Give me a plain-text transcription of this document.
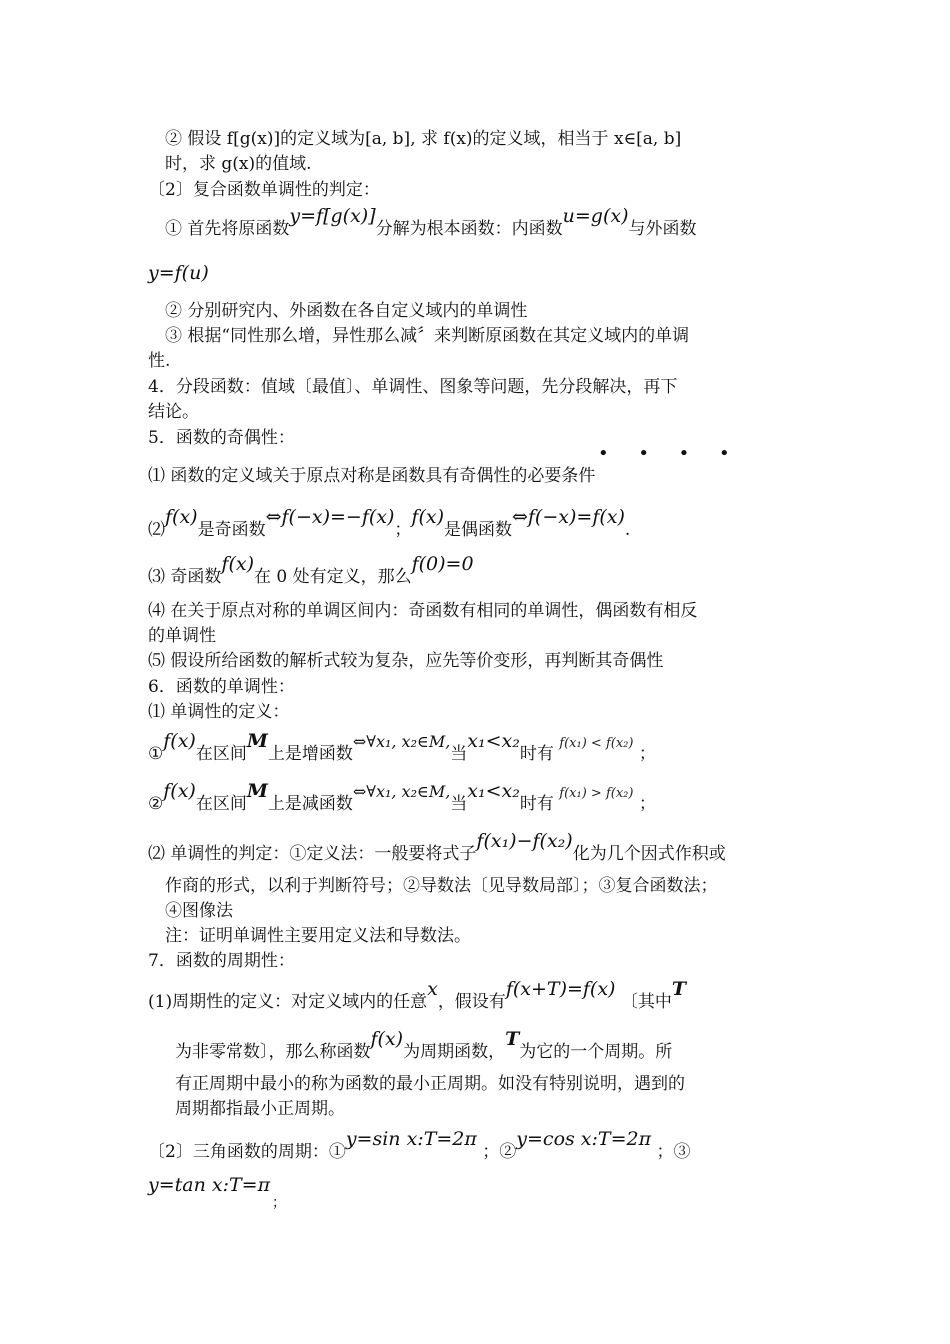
② 假设 f[g(x)]的定义域为[a, b], 求 f(x)的定义域，相当于 x∈[a, b]
时，求 g(x)的值域.
〔2〕复合函数单调性的判定：
① 首先将原函数y=f[g(x)]分解为根本函数：内函数u=g(x)与外函数
y=f(u)
② 分别研究内、外函数在各自定义域内的单调性
③ 根据“同性那么增，异性那么减〞来判断原函数在其定义域内的单调
性.
4．分段函数：值域〔最值〕、单调性、图象等问题，先分段解决，再下
结论。
5．函数的奇偶性：
• • • •
⑴ 函数的定义域关于原点对称是函数具有奇偶性的必要条件
⑵f(x)是奇函数⇔f(−x)=−f(x)；f(x)是偶函数⇔f(−x)=f(x).
⑶ 奇函数f(x)在 0 处有定义，那么f(0)=0
⑷ 在关于原点对称的单调区间内：奇函数有相同的单调性，偶函数有相反
的单调性
⑸ 假设所给函数的解析式较为复杂，应先等价变形，再判断其奇偶性
6．函数的单调性：
⑴ 单调性的定义：
①f(x)在区间M上是增函数⇔∀x₁, x₂∈M,当x₁<x₂时有 $^{f(x_1) < f(x_2)}$ ；
②f(x)在区间M上是减函数⇔∀x₁, x₂∈M,当x₁<x₂时有 $^{f(x_1) > f(x_2)}$ ；
⑵ 单调性的判定：①定义法：一般要将式子f(x₁)−f(x₂)化为几个因式作积或
作商的形式，以利于判断符号；②导数法〔见导数局部〕；③复合函数法；
④图像法
注：证明单调性主要用定义法和导数法。
7．函数的周期性：
(1)周期性的定义：对定义域内的任意x，假设有f(x+T)=f(x) 〔其中T
为非零常数〕，那么称函数f(x)为周期函数，T为它的一个周期。所
有正周期中最小的称为函数的最小正周期。如没有特别说明，遇到的
周期都指最小正周期。
〔2〕三角函数的周期：①y=sin x:T=2π ；②y=cos x:T=2π ；③
y=tan x:T=π
；
